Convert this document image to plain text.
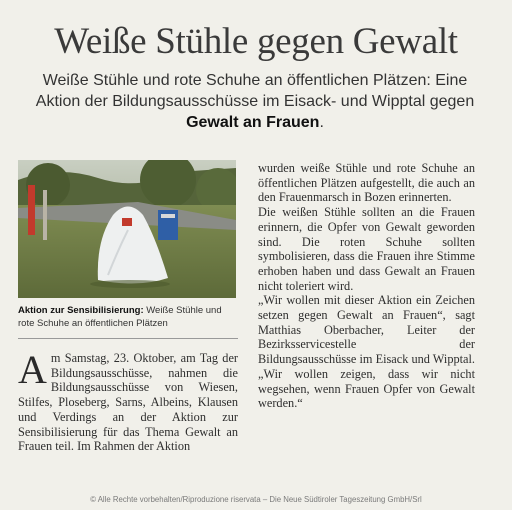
Weiße Stühle gegen Gewalt
Weiße Stühle und rote Schuhe an öffentlichen Plätzen: Eine Aktion der Bildungsausschüsse im Eisack- und Wipptal gegen Gewalt an Frauen.
Aktion zur Sensibilisierung: Weiße Stühle und rote Schuhe an öffentlichen Plätzen
Am Samstag, 23. Oktober, am Tag der Bildungsausschüsse, nahmen die Bildungsausschüsse von Wiesen, Stilfes, Ploseberg, Sarns, Albeins, Klausen und Verdings an der Aktion zur Sensibilisierung für das Thema Gewalt an Frauen teil. Im Rahmen der Aktion
wurden weiße Stühle und rote Schuhe an öffentlichen Plätzen aufgestellt, die auch an den Frauenmarsch in Bozen erinnerten.
Die weißen Stühle sollten an die Frauen erinnern, die Opfer von Gewalt geworden sind. Die roten Schuhe sollten symbolisieren, dass die Frauen ihre Stimme erhoben haben und dass Gewalt an Frauen nicht toleriert wird.
„Wir wollen mit dieser Aktion ein Zeichen setzen gegen Gewalt an Frauen“, sagt Matthias Oberbacher, Leiter der Bezirksservicestelle der Bildungsausschüsse im Eisack und Wipptal. „Wir wollen zeigen, dass wir nicht wegsehen, wenn Frauen Opfer von Gewalt werden.“
© Alle Rechte vorbehalten/Riproduzione riservata – Die Neue Südtiroler Tageszeitung GmbH/Srl
